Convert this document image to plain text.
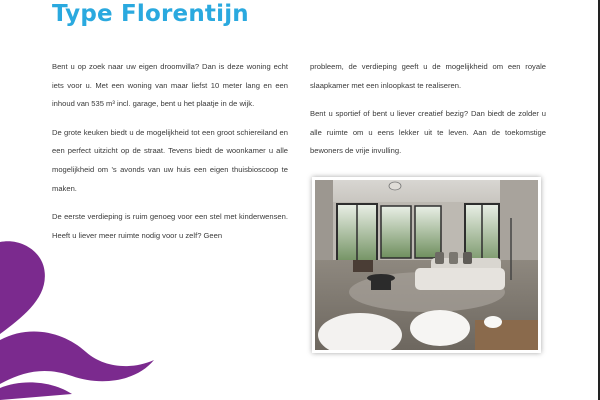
Type Florentijn

Bent u op zoek naar uw eigen droomvilla? Dan is deze woning echt iets voor u. Met een woning van maar liefst 10 meter lang en een inhoud van 535 m³ incl. garage, bent u het plaatje in de wijk.

De grote keuken biedt u de mogelijkheid tot een groot schiereiland en een perfect uitzicht op de straat. Tevens biedt de woonkamer u alle mogelijkheid om 's avonds van uw huis een eigen thuisbioscoop te maken.

De eerste verdieping is ruim genoeg voor een stel met kinderwensen. Heeft u liever meer ruimte nodig voor u zelf? Geen

probleem, de verdieping geeft u de mogelijkheid om een royale slaapkamer met een inloopkast te realiseren.

Bent u sportief of bent u liever creatief bezig? Dan biedt de zolder u alle ruimte om u eens lekker uit te leven. Aan de toekomstige bewoners de vrije invulling.
